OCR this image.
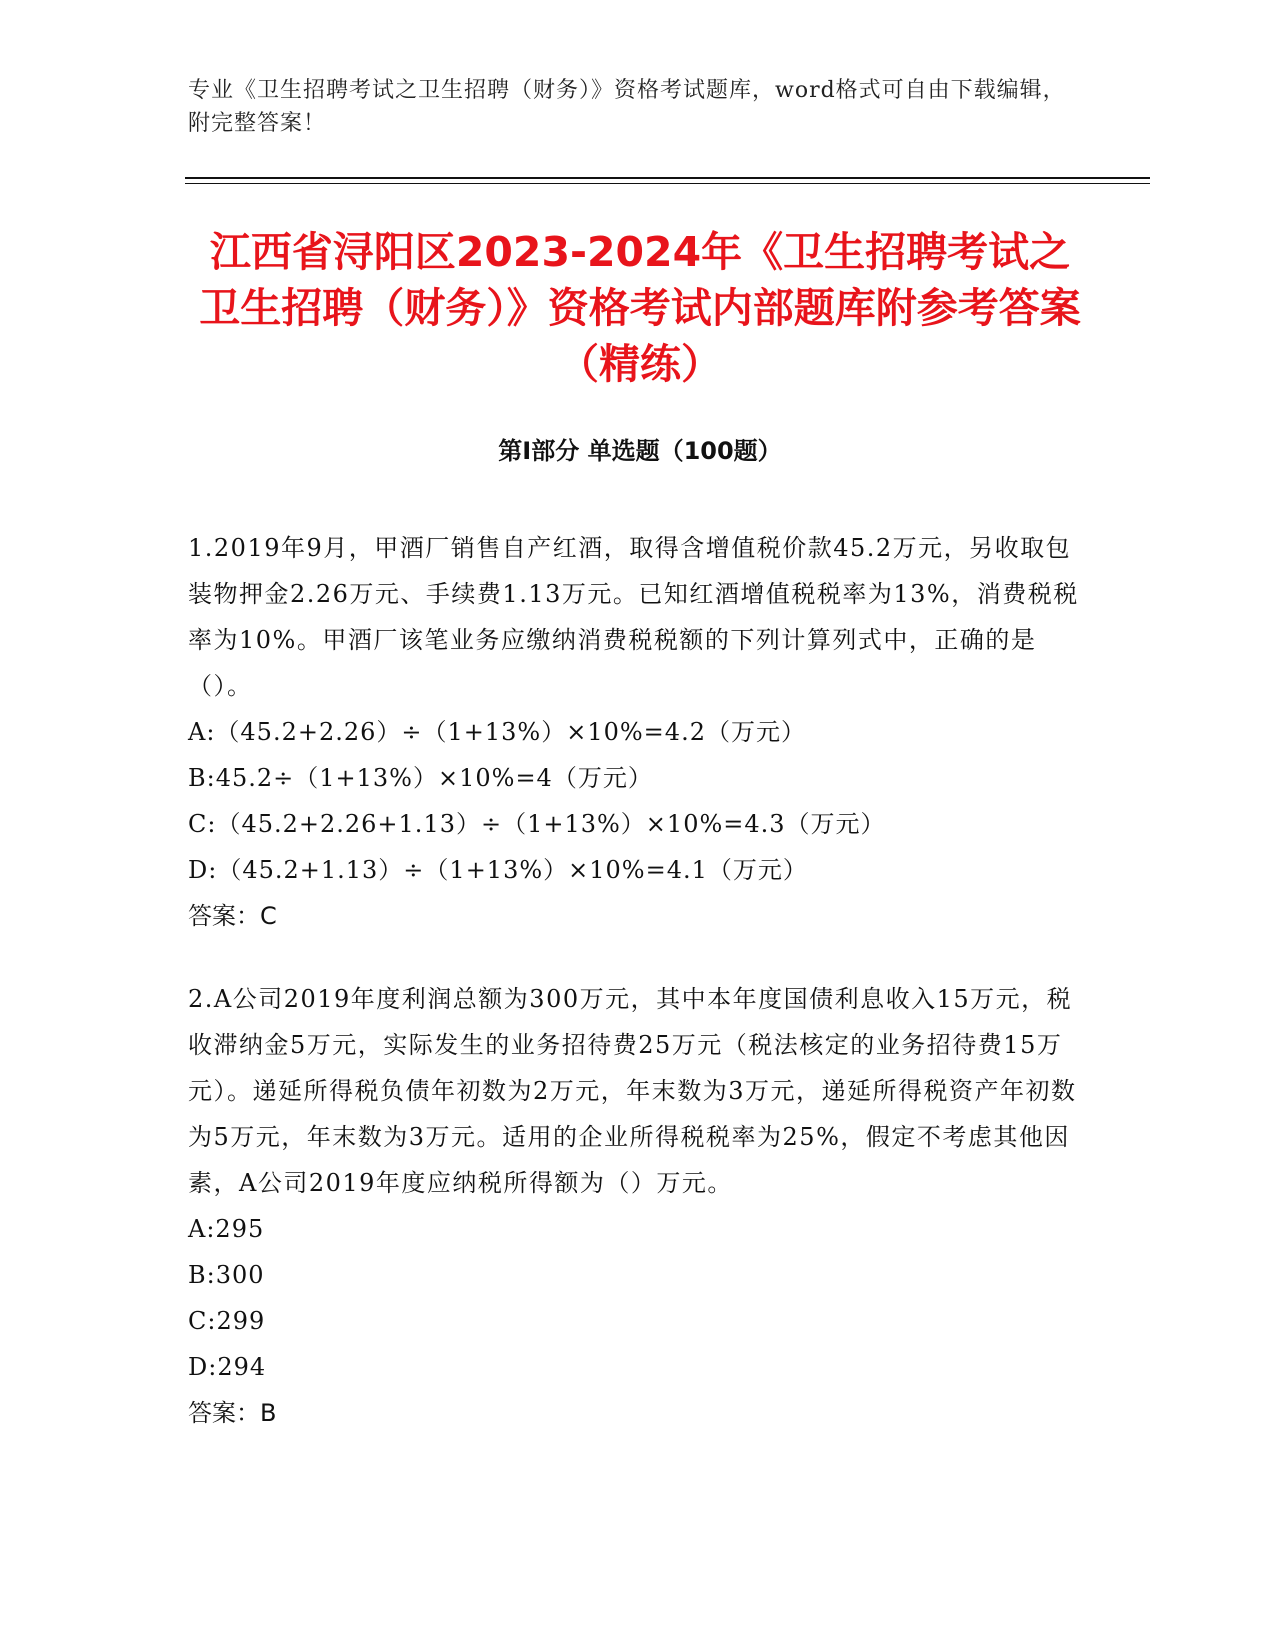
专业《卫生招聘考试之卫生招聘（财务）》资格考试题库，word格式可自由下载编辑，附完整答案！
江西省浔阳区2023-2024年《卫生招聘考试之卫生招聘（财务）》资格考试内部题库附参考答案（精练）
第Ⅰ部分 单选题（100题）

1.2019年9月，甲酒厂销售自产红酒，取得含增值税价款45.2万元，另收取包装物押金2.26万元、手续费1.13万元。已知红酒增值税税率为13%，消费税税率为10%。甲酒厂该笔业务应缴纳消费税税额的下列计算列式中，正确的是（）。

A:（45.2+2.26）÷（1+13%）×10%=4.2（万元）

B:45.2÷（1+13%）×10%=4（万元）

C:（45.2+2.26+1.13）÷（1+13%）×10%=4.3（万元）

D:（45.2+1.13）÷（1+13%）×10%=4.1（万元）

答案：C

2.A公司2019年度利润总额为300万元，其中本年度国债利息收入15万元，税收滞纳金5万元，实际发生的业务招待费25万元（税法核定的业务招待费15万元）。递延所得税负债年初数为2万元，年末数为3万元，递延所得税资产年初数为5万元，年末数为3万元。适用的企业所得税税率为25%，假定不考虑其他因素，A公司2019年度应纳税所得额为（）万元。

A:295

B:300

C:299

D:294

答案：B
